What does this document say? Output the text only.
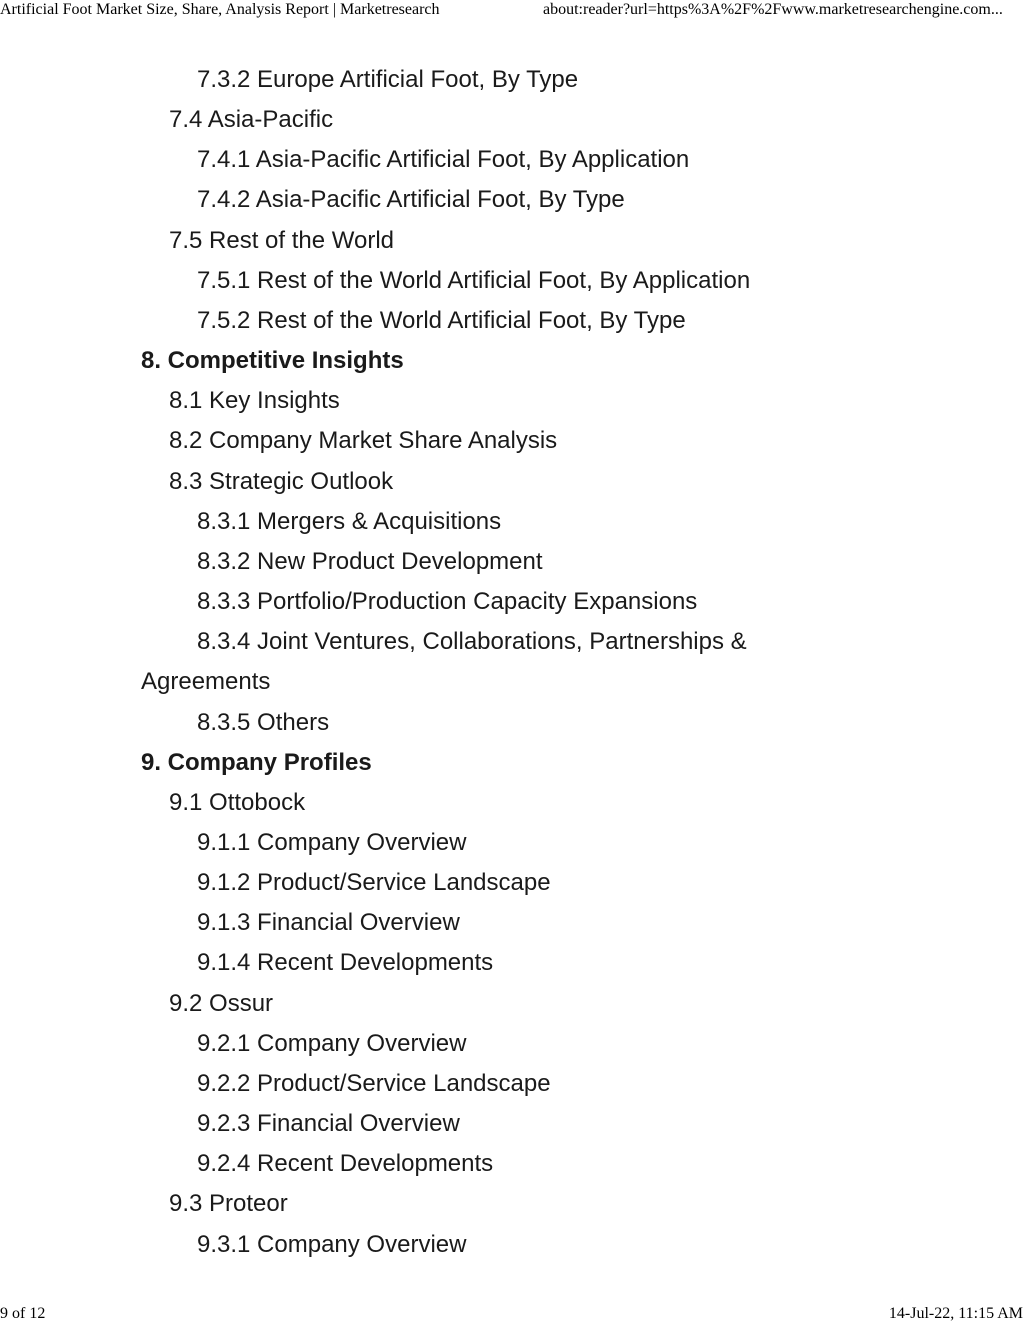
Artificial Foot Market Size, Share, Analysis Report | Marketresearch	about:reader?url=https%3A%2F%2Fwww.marketresearchengine.com...
7.3.2 Europe Artificial Foot, By Type
7.4 Asia-Pacific
7.4.1 Asia-Pacific Artificial Foot, By Application
7.4.2 Asia-Pacific Artificial Foot, By Type
7.5 Rest of the World
7.5.1 Rest of the World Artificial Foot, By Application
7.5.2 Rest of the World Artificial Foot, By Type
8. Competitive Insights
8.1 Key Insights
8.2 Company Market Share Analysis
8.3 Strategic Outlook
8.3.1 Mergers & Acquisitions
8.3.2 New Product Development
8.3.3 Portfolio/Production Capacity Expansions
8.3.4 Joint Ventures, Collaborations, Partnerships &
Agreements
8.3.5 Others
9. Company Profiles
9.1 Ottobock
9.1.1 Company Overview
9.1.2 Product/Service Landscape
9.1.3 Financial Overview
9.1.4 Recent Developments
9.2 Ossur
9.2.1 Company Overview
9.2.2 Product/Service Landscape
9.2.3 Financial Overview
9.2.4 Recent Developments
9.3 Proteor
9.3.1 Company Overview
9 of 12	14-Jul-22, 11:15 AM
